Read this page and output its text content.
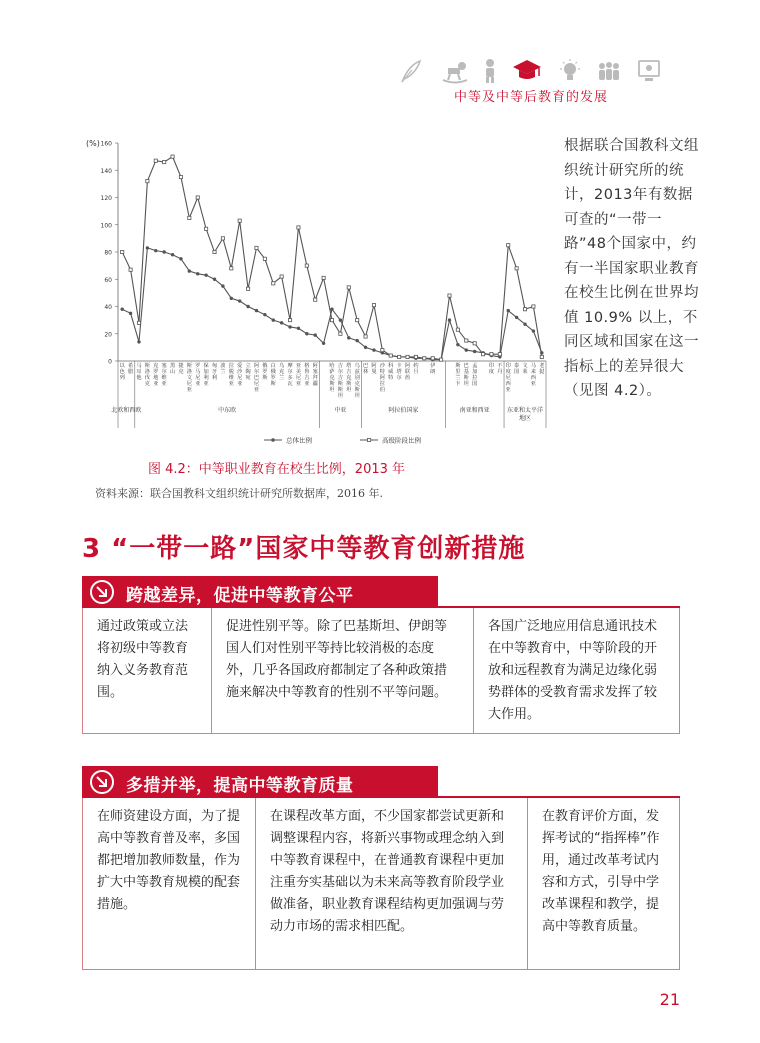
中等及中等后教育的发展
(%)
0
20
40
60
80
100
120
140
160
以色列
希腊
马耳他
斯洛伐克
克罗地亚
塞尔维亚
黑山
捷克
斯洛文尼亚
罗马尼亚
保加利亚
匈牙利
波兰
拉脱维亚
爱沙尼亚
立陶宛
阿尔巴尼亚
俄罗斯
白俄罗斯
乌克兰
摩尔多瓦
亚美尼亚
格鲁吉亚
阿塞拜疆
哈萨克斯坦
吉尔吉斯斯坦
塔吉克斯坦
乌兹别克斯坦
巴林
阿曼
沙特阿拉伯
科威特
卡塔尔
阿联酋
约旦
伊朗
斯里兰卡
巴基斯坦
孟加拉国
印度
不丹
印度尼西亚
泰国
文莱
马来西亚
老挝
北欧和西欧	中东欧	中亚	阿拉伯国家	南亚和西亚	东亚和太平洋地区
总体比例	高级阶段比例
根据联合国教科文组织统计研究所的统计，2013年有数据可查的“一带一路”48个国家中，约有一半国家职业教育在校生比例在世界均值 10.9% 以上，不同区域和国家在这一指标上的差异很大（见图 4.2）。
图 4.2：中等职业教育在校生比例，2013 年
资料来源：联合国教科文组织统计研究所数据库，2016 年.
3 “一带一路”国家中等教育创新措施
跨越差异，促进中等教育公平
通过政策或立法将初级中等教育纳入义务教育范围。
促进性别平等。除了巴基斯坦、伊朗等国人们对性别平等持比较消极的态度外，几乎各国政府都制定了各种政策措施来解决中等教育的性别不平等问题。
各国广泛地应用信息通讯技术在中等教育中，中等阶段的开放和远程教育为满足边缘化弱势群体的受教育需求发挥了较大作用。
多措并举，提高中等教育质量
在师资建设方面，为了提高中等教育普及率，多国都把增加教师数量，作为扩大中等教育规模的配套措施。
在课程改革方面，不少国家都尝试更新和调整课程内容，将新兴事物或理念纳入到中等教育课程中，在普通教育课程中更加注重夯实基础以为未来高等教育阶段学业做准备，职业教育课程结构更加强调与劳动力市场的需求相匹配。
在教育评价方面，发挥考试的“指挥棒”作用，通过改革考试内容和方式，引导中学改革课程和教学，提高中等教育质量。
21
